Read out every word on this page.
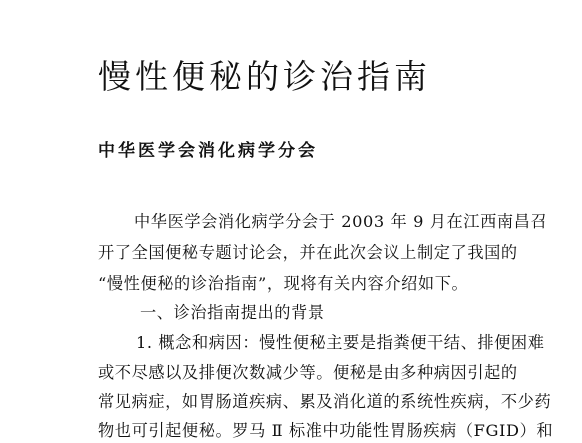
慢性便秘的诊治指南
中华医学会消化病学分会

中华医学会消化病学分会于 2003 年 9 月在江西南昌召

开了全国便秘专题讨论会，并在此次会议上制定了我国的

“慢性便秘的诊治指南”，现将有关内容介绍如下。

一、诊治指南提出的背景

1. 概念和病因：慢性便秘主要是指粪便干结、排便困难

或不尽感以及排便次数减少等。便秘是由多种病因引起的

常见病症，如胃肠道疾病、累及消化道的系统性疾病，不少药

物也可引起便秘。罗马 Ⅱ 标准中功能性胃肠疾病（FGID）和
